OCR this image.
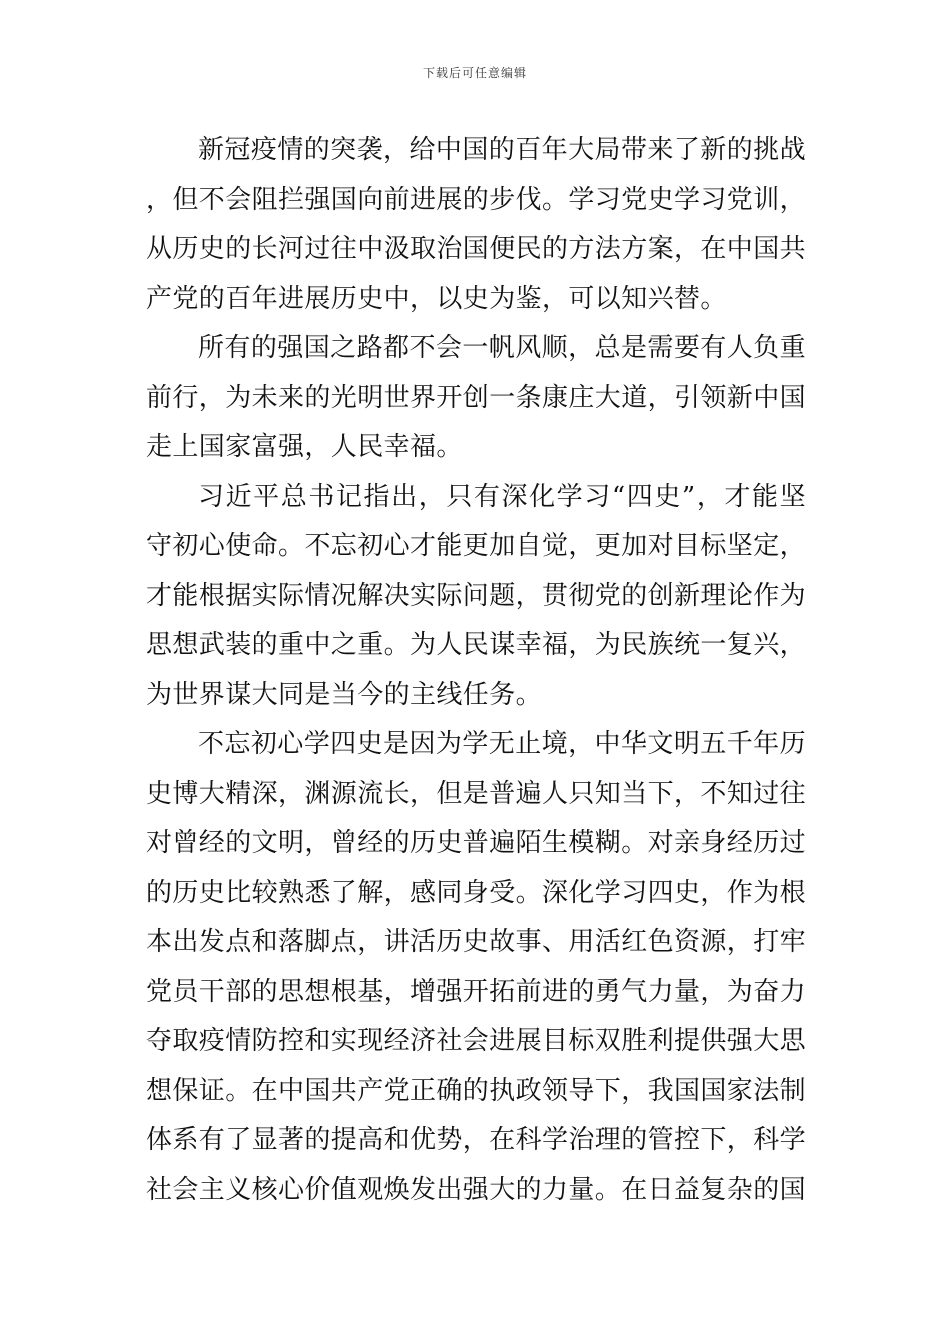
下载后可任意编辑

新冠疫情的突袭，给中国的百年大局带来了新的挑战，但不会阻拦强国向前进展的步伐。学习党史学习党训，从历史的长河过往中汲取治国便民的方法方案，在中国共产党的百年进展历史中，以史为鉴，可以知兴替。

所有的强国之路都不会一帆风顺，总是需要有人负重前行，为未来的光明世界开创一条康庄大道，引领新中国走上国家富强，人民幸福。

习近平总书记指出，只有深化学习“四史”，才能坚守初心使命。不忘初心才能更加自觉，更加对目标坚定，才能根据实际情况解决实际问题，贯彻党的创新理论作为思想武装的重中之重。为人民谋幸福，为民族统一复兴，为世界谋大同是当今的主线任务。

不忘初心学四史是因为学无止境，中华文明五千年历史博大精深，渊源流长，但是普遍人只知当下，不知过往对曾经的文明，曾经的历史普遍陌生模糊。对亲身经历过的历史比较熟悉了解，感同身受。深化学习四史，作为根本出发点和落脚点，讲活历史故事、用活红色资源，打牢党员干部的思想根基，增强开拓前进的勇气力量，为奋力夺取疫情防控和实现经济社会进展目标双胜利提供强大思想保证。在中国共产党正确的执政领导下，我国国家法制体系有了显著的提高和优势，在科学治理的管控下，科学社会主义核心价值观焕发出强大的力量。在日益复杂的国
